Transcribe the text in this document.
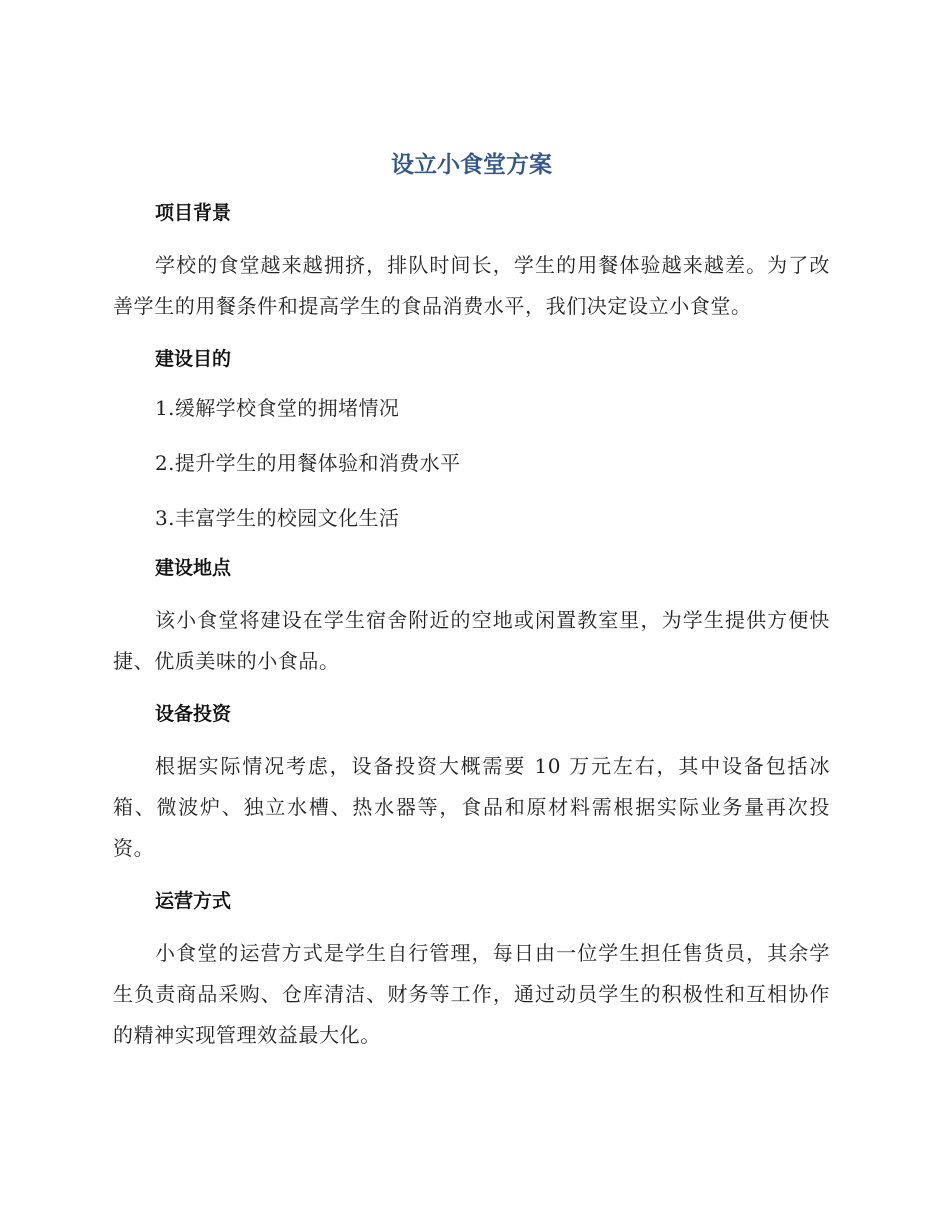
设立小食堂方案
项目背景

学校的食堂越来越拥挤，排队时间长，学生的用餐体验越来越差。为了改善学生的用餐条件和提高学生的食品消费水平，我们决定设立小食堂。

建设目的

1.缓解学校食堂的拥堵情况

2.提升学生的用餐体验和消费水平

3.丰富学生的校园文化生活

建设地点

该小食堂将建设在学生宿舍附近的空地或闲置教室里，为学生提供方便快捷、优质美味的小食品。

设备投资

根据实际情况考虑，设备投资大概需要 10 万元左右，其中设备包括冰箱、微波炉、独立水槽、热水器等，食品和原材料需根据实际业务量再次投资。

运营方式

小食堂的运营方式是学生自行管理，每日由一位学生担任售货员，其余学生负责商品采购、仓库清洁、财务等工作，通过动员学生的积极性和互相协作的精神实现管理效益最大化。
